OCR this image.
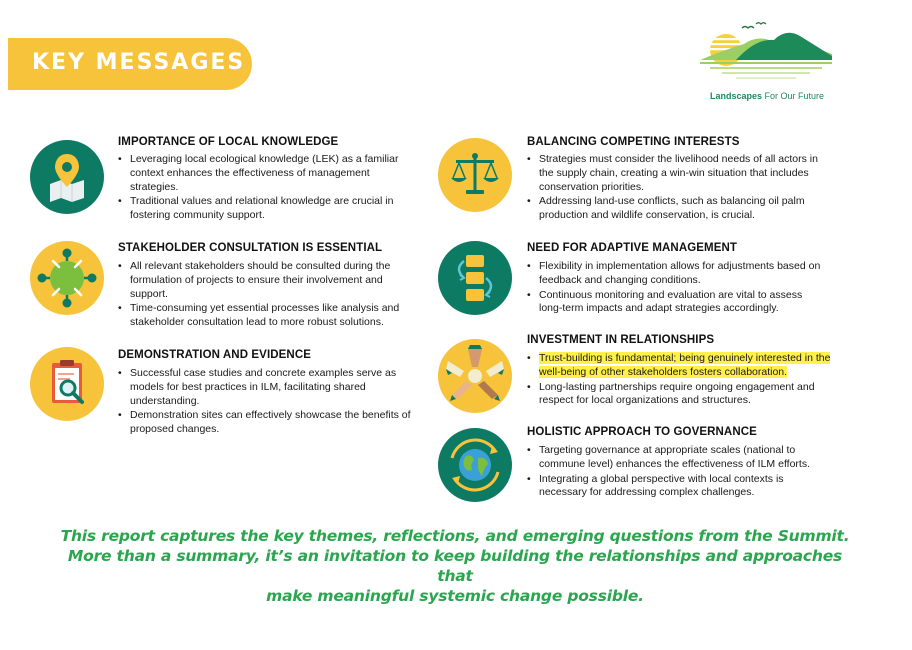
KEY MESSAGES
Landscapes For Our Future
IMPORTANCE OF LOCAL KNOWLEDGE
• Leveraging local ecological knowledge (LEK) as a familiar context enhances the effectiveness of management strategies.
• Traditional values and relational knowledge are crucial in fostering community support.
STAKEHOLDER CONSULTATION IS ESSENTIAL
• All relevant stakeholders should be consulted during the formulation of projects to ensure their involvement and support.
• Time-consuming yet essential processes like analysis and stakeholder consultation lead to more robust solutions.
DEMONSTRATION AND EVIDENCE
• Successful case studies and concrete examples serve as models for best practices in ILM, facilitating shared understanding.
• Demonstration sites can effectively showcase the benefits of proposed changes.
BALANCING COMPETING INTERESTS
• Strategies must consider the livelihood needs of all actors in the supply chain, creating a win-win situation that includes conservation priorities.
• Addressing land-use conflicts, such as balancing oil palm production and wildlife conservation, is crucial.
NEED FOR ADAPTIVE MANAGEMENT
• Flexibility in implementation allows for adjustments based on feedback and changing conditions.
• Continuous monitoring and evaluation are vital to assess long-term impacts and adapt strategies accordingly.
INVESTMENT IN RELATIONSHIPS
• Trust-building is fundamental; being genuinely interested in the well-being of other stakeholders fosters collaboration.
• Long-lasting partnerships require ongoing engagement and respect for local organizations and structures.
HOLISTIC APPROACH TO GOVERNANCE
• Targeting governance at appropriate scales (national to commune level) enhances the effectiveness of ILM efforts.
• Integrating a global perspective with local contexts is necessary for addressing complex challenges.
This report captures the key themes, reflections, and emerging questions from the Summit.
More than a summary, it’s an invitation to keep building the relationships and approaches that
make meaningful systemic change possible.
